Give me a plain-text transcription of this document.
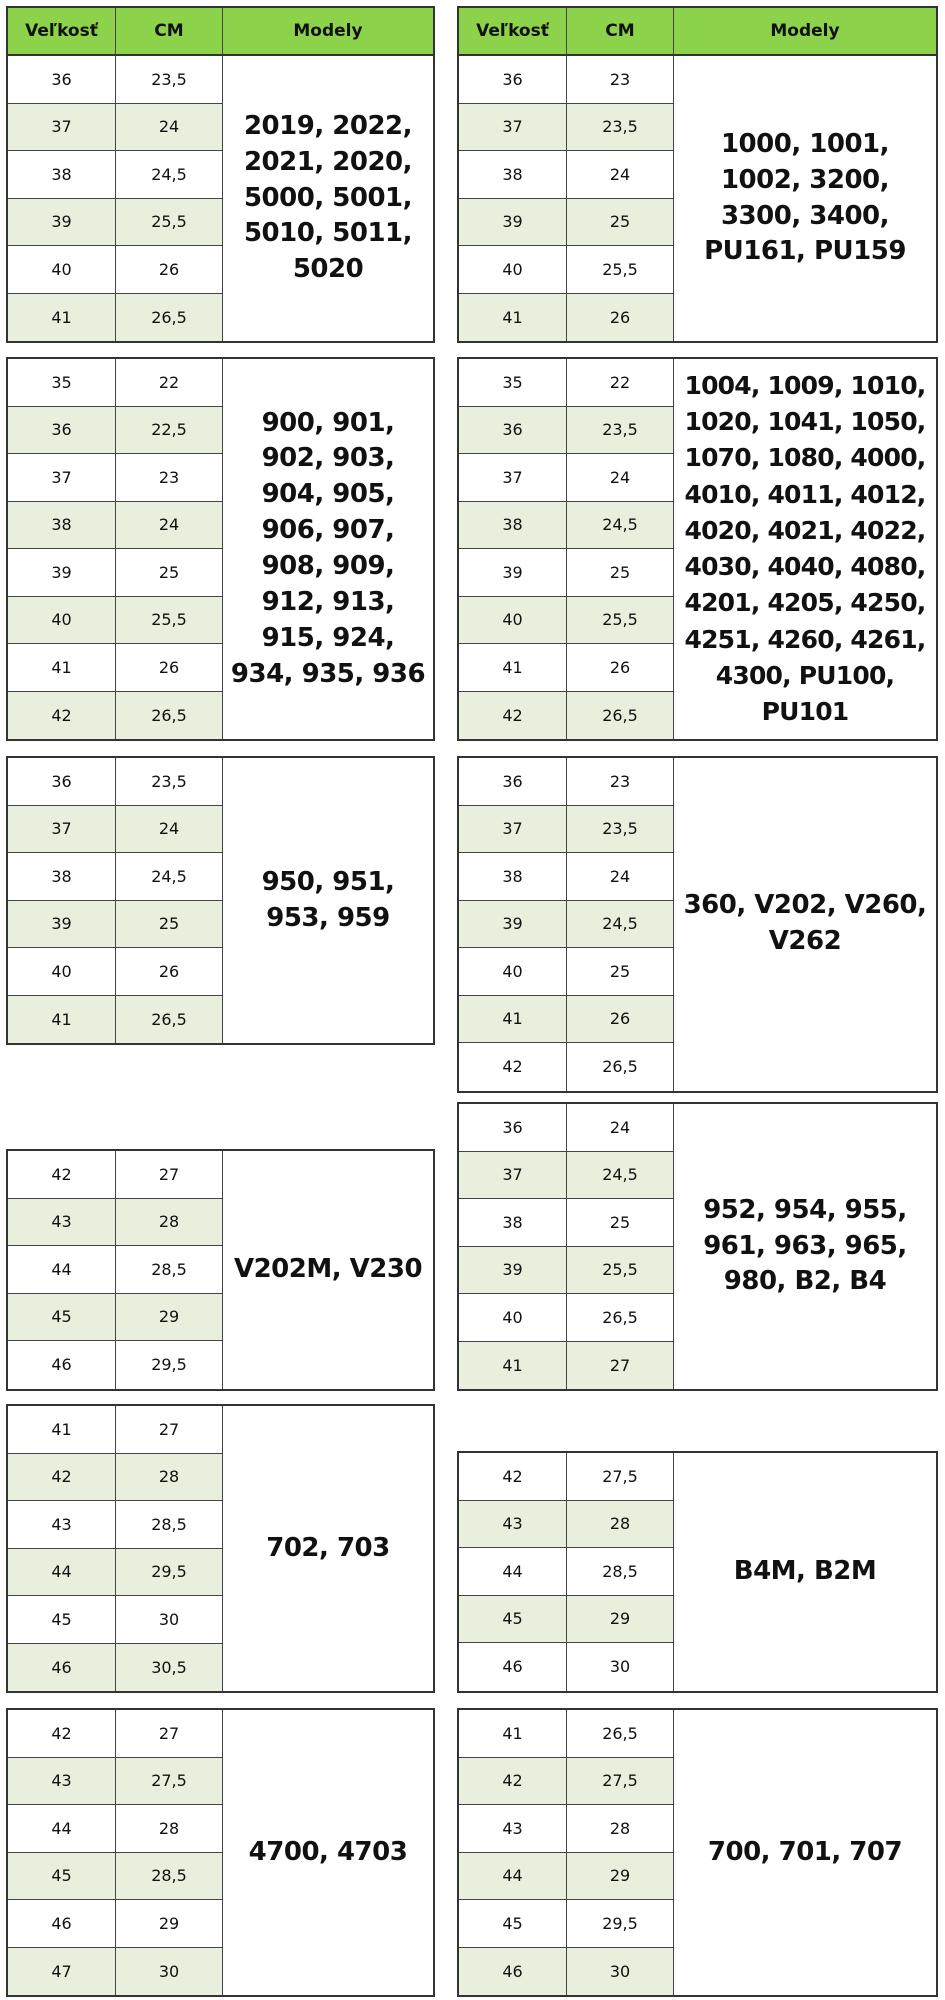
Veľkosť	CM	Modely
36	23,5
37	24
38	24,5
39	25,5
40	26
41	26,5
2019, 2022, 2021, 2020, 5000, 5001, 5010, 5011, 5020
Veľkosť	CM	Modely
36	23
37	23,5
38	24
39	25
40	25,5
41	26
1000, 1001, 1002, 3200, 3300, 3400, PU161, PU159
35	22
36	22,5
37	23
38	24
39	25
40	25,5
41	26
42	26,5
900, 901, 902, 903, 904, 905, 906, 907, 908, 909, 912, 913, 915, 924, 934, 935, 936
35	22
36	23,5
37	24
38	24,5
39	25
40	25,5
41	26
42	26,5
1004, 1009, 1010, 1020, 1041, 1050, 1070, 1080, 4000, 4010, 4011, 4012, 4020, 4021, 4022, 4030, 4040, 4080, 4201, 4205, 4250, 4251, 4260, 4261, 4300, PU100, PU101
36	23,5
37	24
38	24,5
39	25
40	26
41	26,5
950, 951, 953, 959
36	23
37	23,5
38	24
39	24,5
40	25
41	26
42	26,5
360, V202, V260, V262
36	24
37	24,5
38	25
39	25,5
40	26,5
41	27
952, 954, 955, 961, 963, 965, 980, B2, B4
42	27
43	28
44	28,5
45	29
46	29,5
V202M, V230
41	27
42	28
43	28,5
44	29,5
45	30
46	30,5
702, 703
42	27,5
43	28
44	28,5
45	29
46	30
B4M, B2M
42	27
43	27,5
44	28
45	28,5
46	29
47	30
4700, 4703
41	26,5
42	27,5
43	28
44	29
45	29,5
46	30
700, 701, 707
